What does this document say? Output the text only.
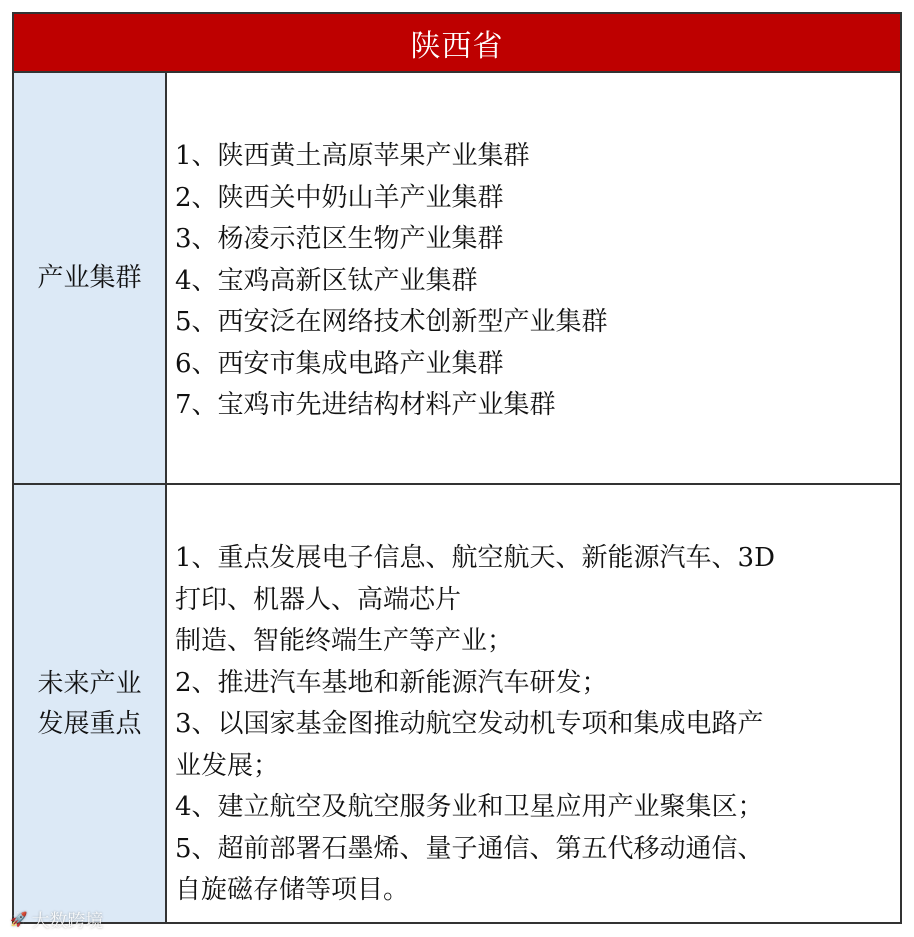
陕西省
产业集群
1、陕西黄土高原苹果产业集群
2、陕西关中奶山羊产业集群
3、杨凌示范区生物产业集群
4、宝鸡高新区钛产业集群
5、西安泛在网络技术创新型产业集群
6、西安市集成电路产业集群
7、宝鸡市先进结构材料产业集群
未来产业
发展重点
1、重点发展电子信息、航空航天、新能源汽车、3D
打印、机器人、高端芯片
制造、智能终端生产等产业；
2、推进汽车基地和新能源汽车研发；
3、以国家基金图推动航空发动机专项和集成电路产
业发展；
4、建立航空及航空服务业和卫星应用产业聚集区；
5、超前部署石墨烯、量子通信、第五代移动通信、
自旋磁存储等项目。
🚀 大数跨境
